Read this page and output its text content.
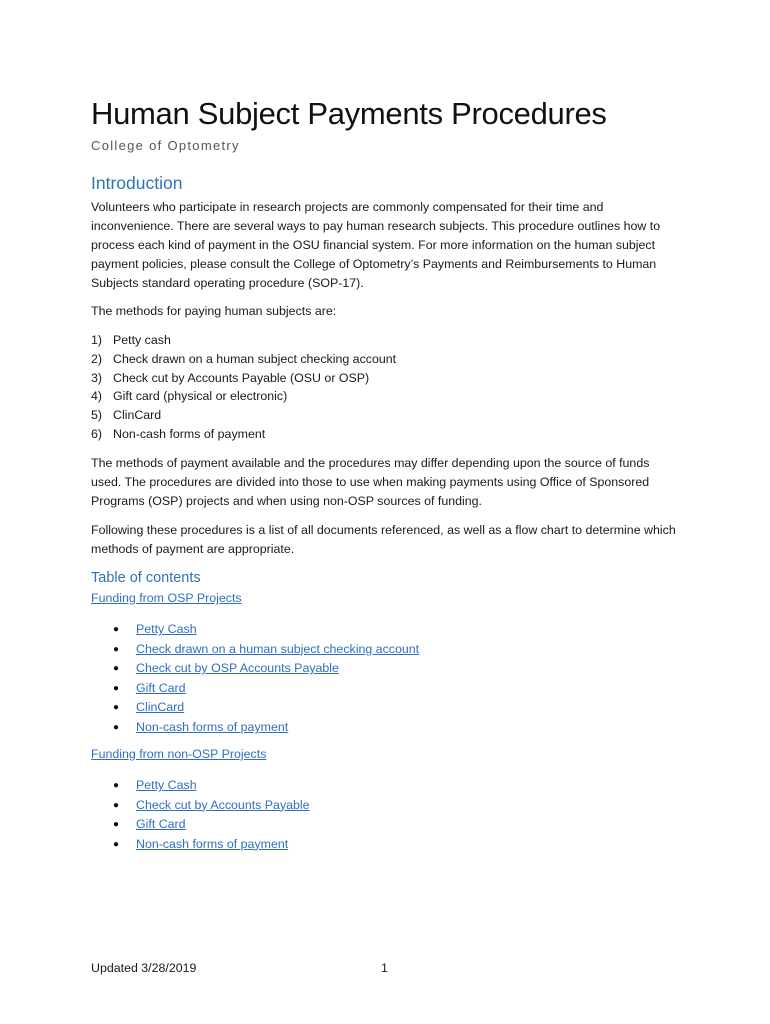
Human Subject Payments Procedures

College of Optometry

Introduction

Volunteers who participate in research projects are commonly compensated for their time and inconvenience. There are several ways to pay human research subjects. This procedure outlines how to process each kind of payment in the OSU financial system. For more information on the human subject payment policies, please consult the College of Optometry’s Payments and Reimbursements to Human Subjects standard operating procedure (SOP-17).

The methods for paying human subjects are:

1) Petty cash
2) Check drawn on a human subject checking account
3) Check cut by Accounts Payable (OSU or OSP)
4) Gift card (physical or electronic)
5) ClinCard
6) Non-cash forms of payment

The methods of payment available and the procedures may differ depending upon the source of funds used. The procedures are divided into those to use when making payments using Office of Sponsored Programs (OSP) projects and when using non-OSP sources of funding.

Following these procedures is a list of all documents referenced, as well as a flow chart to determine which methods of payment are appropriate.

Table of contents
Funding from OSP Projects
●	Petty Cash
●	Check drawn on a human subject checking account
●	Check cut by OSP Accounts Payable
●	Gift Card
●	ClinCard
●	Non-cash forms of payment
Funding from non-OSP Projects
●	Petty Cash
●	Check cut by Accounts Payable
●	Gift Card
●	Non-cash forms of payment
Updated 3/28/2019	1
